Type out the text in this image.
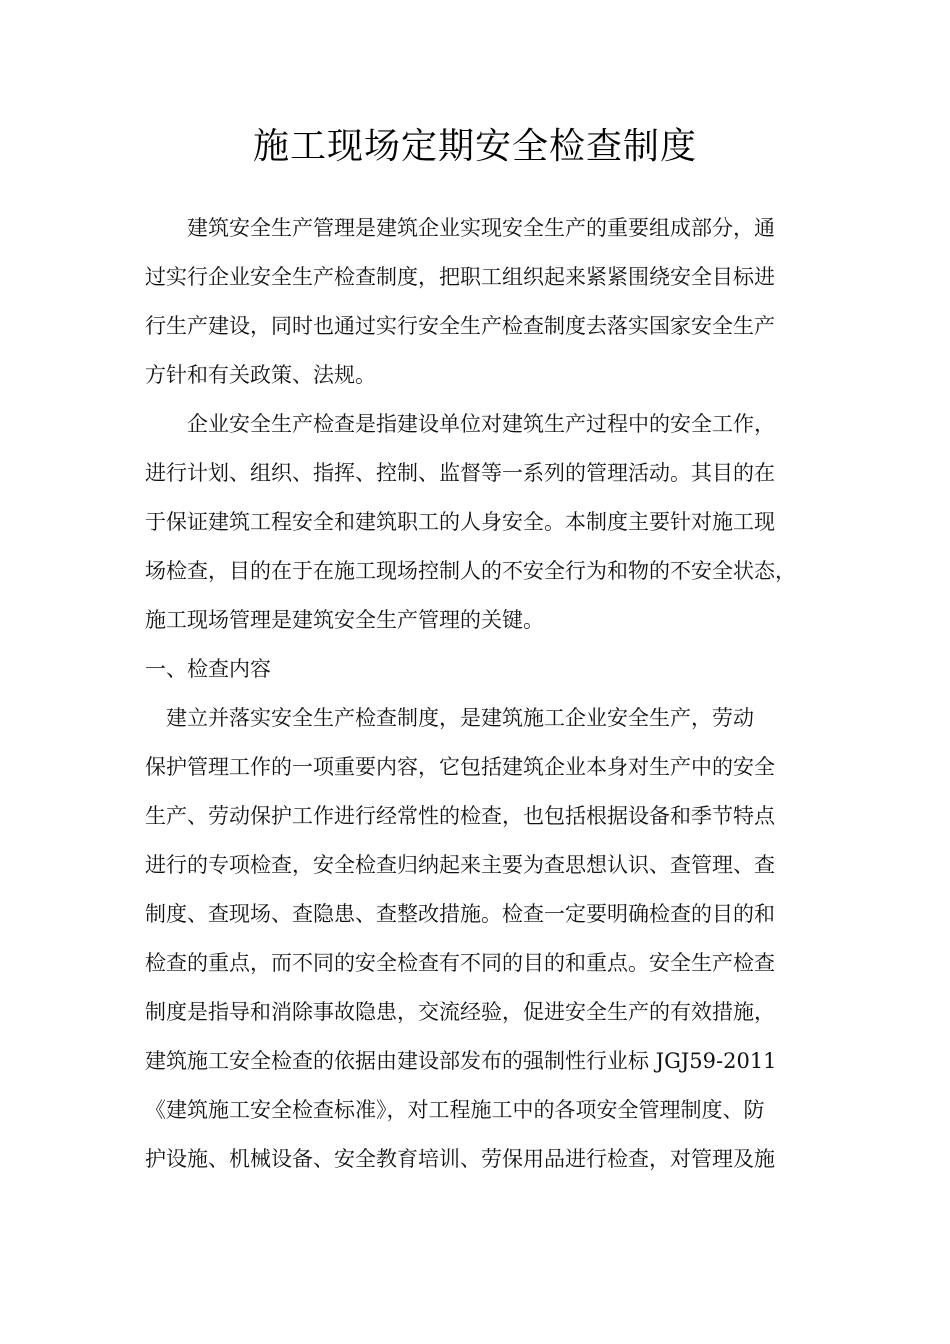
施工现场定期安全检查制度
　　建筑安全生产管理是建筑企业实现安全生产的重要组成部分，通
过实行企业安全生产检查制度，把职工组织起来紧紧围绕安全目标进
行生产建设，同时也通过实行安全生产检查制度去落实国家安全生产
方针和有关政策、法规。
　　企业安全生产检查是指建设单位对建筑生产过程中的安全工作，
进行计划、组织、指挥、控制、监督等一系列的管理活动。其目的在
于保证建筑工程安全和建筑职工的人身安全。本制度主要针对施工现
场检查，目的在于在施工现场控制人的不安全行为和物的不安全状态，
施工现场管理是建筑安全生产管理的关键。
一、检查内容
　建立并落实安全生产检查制度，是建筑施工企业安全生产，劳动
保护管理工作的一项重要内容，它包括建筑企业本身对生产中的安全
生产、劳动保护工作进行经常性的检查，也包括根据设备和季节特点
进行的专项检查，安全检查归纳起来主要为查思想认识、查管理、查
制度、查现场、查隐患、查整改措施。检查一定要明确检查的目的和
检查的重点，而不同的安全检查有不同的目的和重点。安全生产检查
制度是指导和消除事故隐患，交流经验，促进安全生产的有效措施，
建筑施工安全检查的依据由建设部发布的强制性行业标 JGJ59-2011
《建筑施工安全检查标准》，对工程施工中的各项安全管理制度、防
护设施、机械设备、安全教育培训、劳保用品进行检查，对管理及施
